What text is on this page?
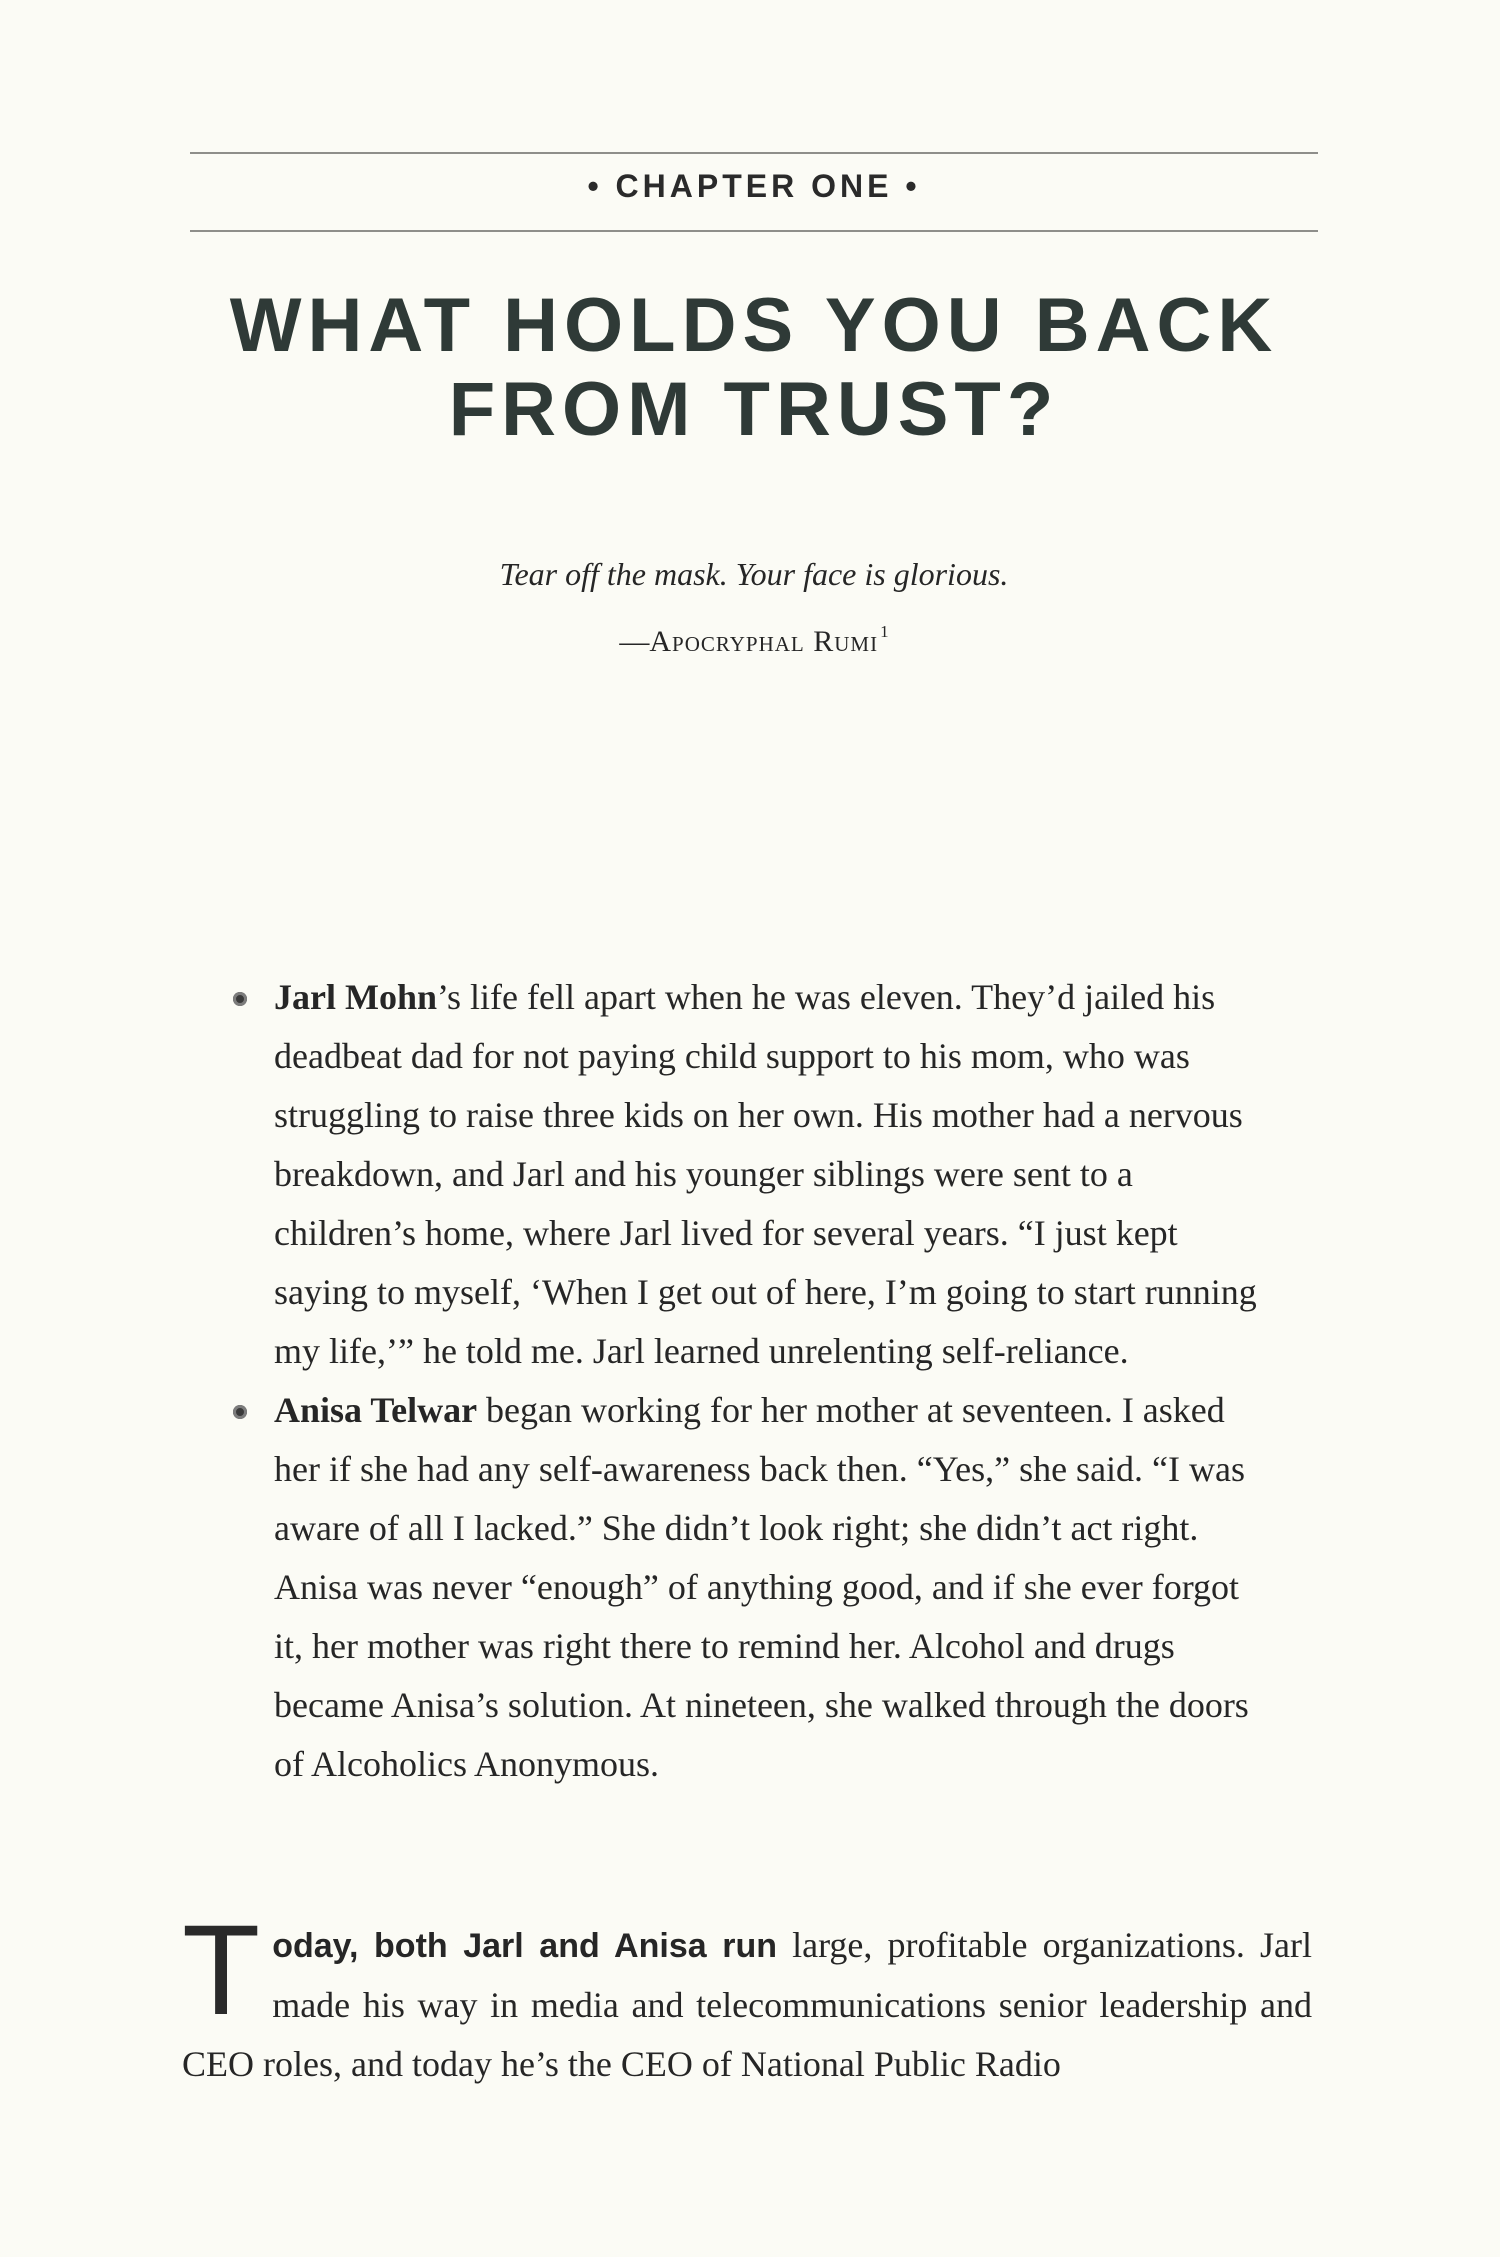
• CHAPTER ONE •
WHAT HOLDS YOU BACK
FROM TRUST?
Tear off the mask. Your face is glorious.
—Apocryphal Rumi $^1$
Jarl Mohn’s life fell apart when he was eleven. They’d jailed his deadbeat dad for not paying child support to his mom, who was struggling to raise three kids on her own. His mother had a nervous breakdown, and Jarl and his younger siblings were sent to a children’s home, where Jarl lived for several years. “I just kept saying to myself, ‘When I get out of here, I’m going to start running my life,’” he told me. Jarl learned unrelenting self-reliance.
Anisa Telwar began working for her mother at seventeen. I asked her if she had any self-awareness back then. “Yes,” she said. “I was aware of all I lacked.” She didn’t look right; she didn’t act right. Anisa was never “enough” of anything good, and if she ever forgot it, her mother was right there to remind her. Alcohol and drugs became Anisa’s solution. At nineteen, she walked through the doors of Alcoholics Anonymous.

Today, both Jarl and Anisa run large, profitable organizations. Jarl made his way in media and telecommunications senior leadership and CEO roles, and today he’s the CEO of National Public Radio
